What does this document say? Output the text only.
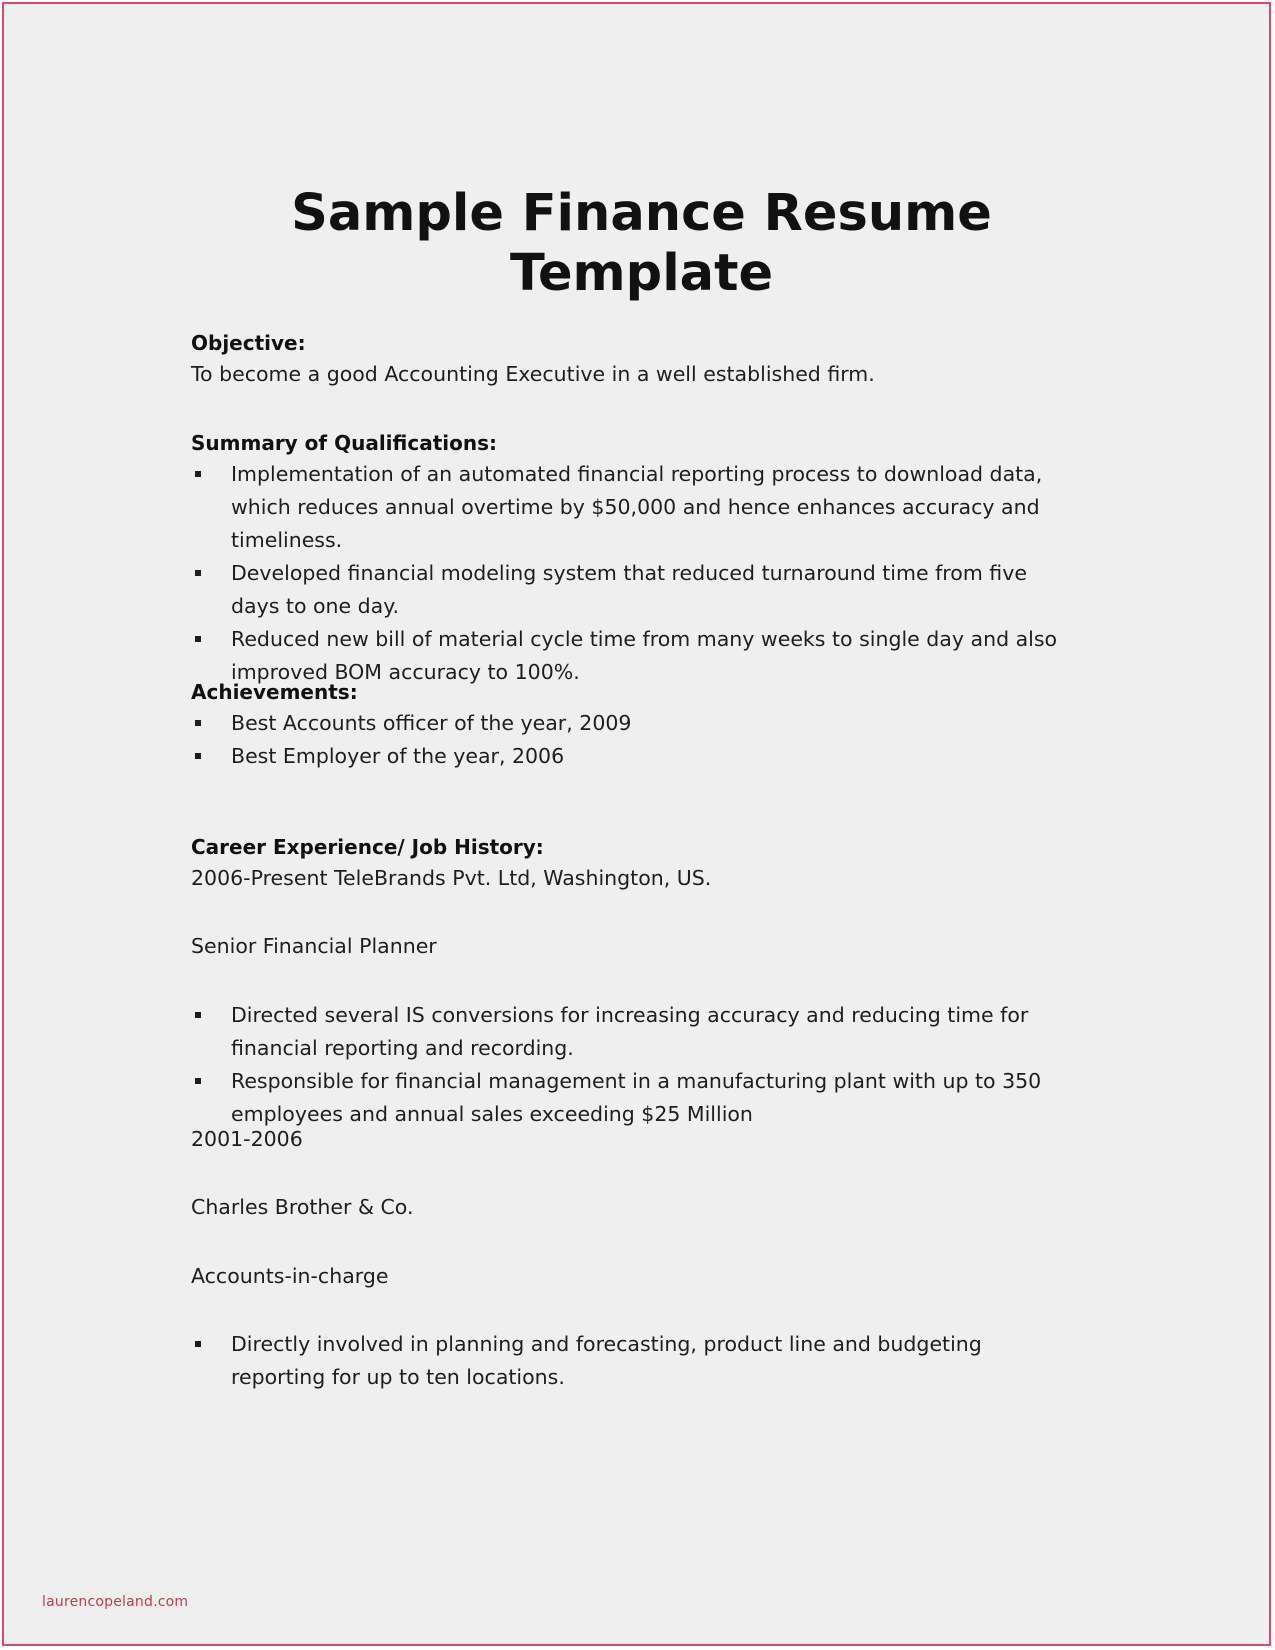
Sample Finance Resume
Template
Objective:
To become a good Accounting Executive in a well established firm.
Summary of Qualifications:
Implementation of an automated financial reporting process to download data,
which reduces annual overtime by $50,000 and hence enhances accuracy and
timeliness.
Developed financial modeling system that reduced turnaround time from five
days to one day.
Reduced new bill of material cycle time from many weeks to single day and also
improved BOM accuracy to 100%.
Achievements:
Best Accounts officer of the year, 2009
Best Employer of the year, 2006
Career Experience/ Job History:
2006-Present TeleBrands Pvt. Ltd, Washington, US.
Senior Financial Planner
Directed several IS conversions for increasing accuracy and reducing time for
financial reporting and recording.
Responsible for financial management in a manufacturing plant with up to 350
employees and annual sales exceeding $25 Million
2001-2006
Charles Brother & Co.
Accounts-in-charge
Directly involved in planning and forecasting, product line and budgeting
reporting for up to ten locations.
laurencopeland.com
